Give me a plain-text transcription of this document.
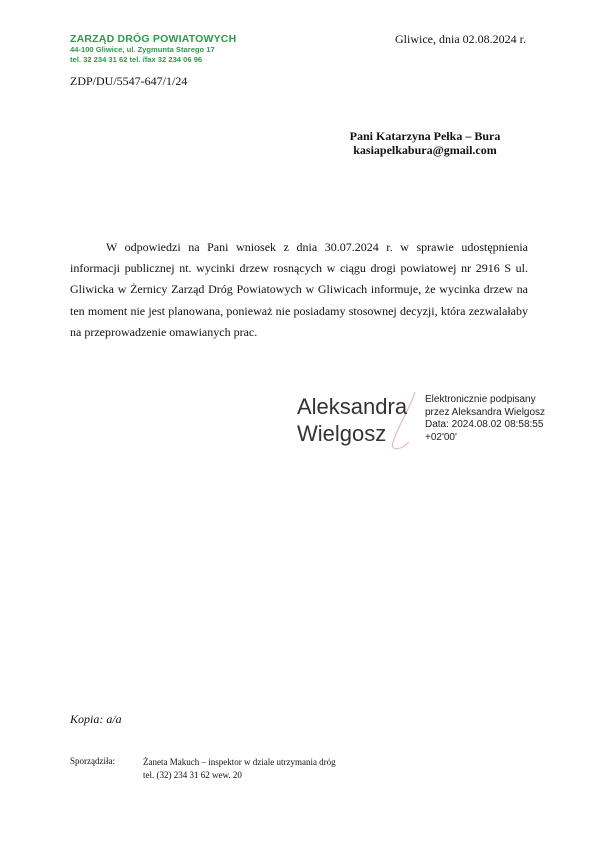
ZARZĄD DRÓG POWIATOWYCH
44-100 Gliwice, ul. Zygmunta Starego 17
tel. 32 234 31 62 tel. /fax 32 234 06 96
Gliwice, dnia 02.08.2024 r.
ZDP/DU/5547-647/1/24
Pani Katarzyna Pełka – Bura
kasiapelkabura@gmail.com

W odpowiedzi na Pani wniosek z dnia 30.07.2024 r. w sprawie udostępnienia informacji publicznej nt. wycinki drzew rosnących w ciągu drogi powiatowej nr 2916 S ul. Gliwicka w Żernicy Zarząd Dróg Powiatowych w Gliwicach informuje, że wycinka drzew na ten moment nie jest planowana, ponieważ nie posiadamy stosownej decyzji, która zezwalałaby na przeprowadzenie omawianych prac.

Aleksandra
Wielgosz
Elektronicznie podpisany
przez Aleksandra Wielgosz
Data: 2024.08.02 08:58:55
+02'00'
Kopia: a/a
Sporządziła:	Żaneta Makuch – inspektor w dziale utrzymania dróg
tel. (32) 234 31 62 wew. 20
